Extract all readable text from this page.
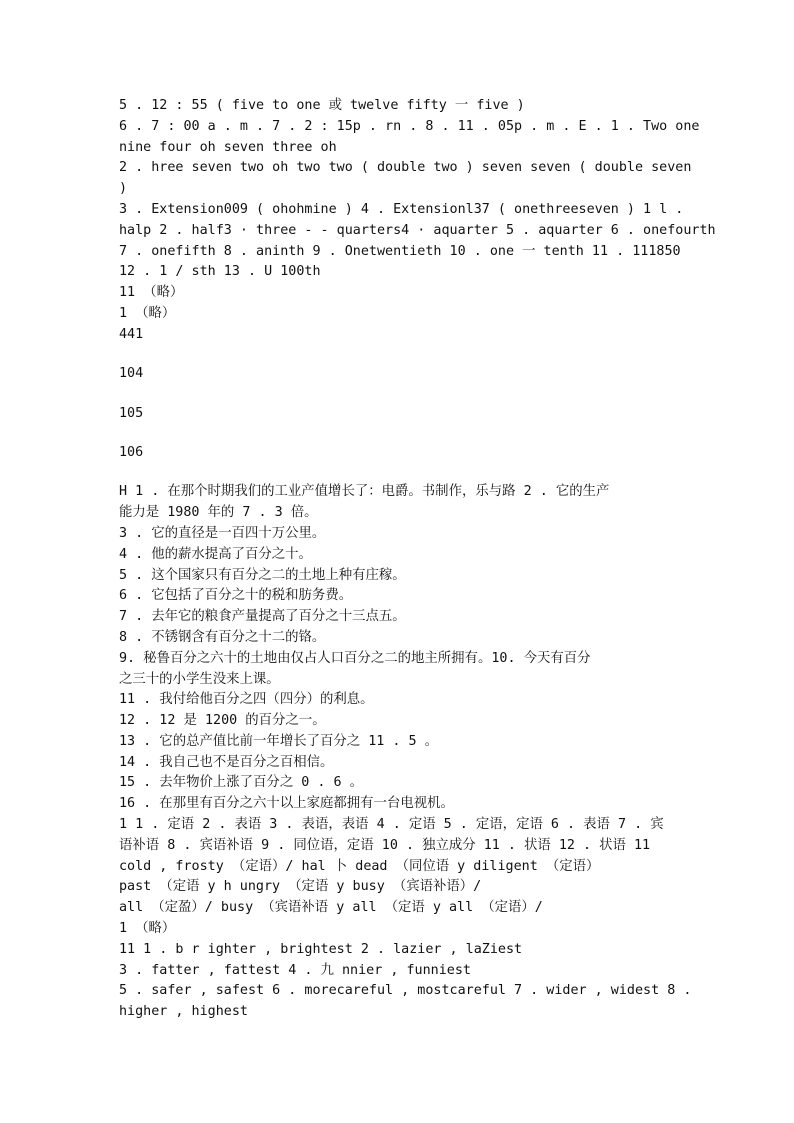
5 . 12 : 55 ( five to one 或 twelve fifty 一 five )
6 . 7 : 00 a . m . 7 . 2 : 15p . rn . 8 . 11 . 05p . m . E . 1 . Two one
nine four oh seven three oh
2 . hree seven two oh two two ( double two ) seven seven ( double seven
)
3 . Extension009 ( ohohmine ) 4 . Extensionl37 ( onethreeseven ) 1 l .
halp 2 . half3 · three - - quarters4 · aquarter 5 . aquarter 6 . onefourth
7 . onefifth 8 . aninth 9 . Onetwentieth 10 . one 一 tenth 11 . 111850
12 . 1 / sth 13 . U 100th
11 （略）
1 （略）
441
104
105
106
H 1 . 在那个时期我们的工业产值增长了：电爵。书制作，乐与路 2 . 它的生产
能力是 1980 年的 7 . 3 倍。
3 . 它的直径是一百四十万公里。
4 . 他的薪水提高了百分之十。
5 . 这个国家只有百分之二的土地上种有庄稼。
6 . 它包括了百分之十的税和肪务费。
7 . 去年它的粮食产量提高了百分之十三点五。
8 . 不锈钢含有百分之十二的铬。
9. 秘鲁百分之六十的土地由仅占人口百分之二的地主所拥有。10. 今天有百分
之三十的小学生没来上课。
11 . 我付给他百分之四（四分）的利息。
12 . 12 是 1200 的百分之一。
13 . 它的总产值比前一年增长了百分之 11 . 5 。
14 . 我自己也不是百分之百相信。
15 . 去年物价上涨了百分之 0 . 6 。
16 . 在那里有百分之六十以上家庭都拥有一台电视机。
1 1 . 定语 2 . 表语 3 . 表语，表语 4 . 定语 5 . 定语，定语 6 . 表语 7 . 宾
语补语 8 . 宾语补语 9 . 同位语，定语 10 . 独立成分 11 . 状语 12 . 状语 11
cold , frosty （定语）/ hal 卜 dead （同位语 y diligent （定语）
past （定语 y h ungry （定语 y busy （宾语补语）/
all （定盈）/ busy （宾语补语 y all （定语 y all （定语）/
1 （略）
11 1 . b r ighter , brightest 2 . lazier , laZiest
3 . fatter , fattest 4 . 九 nnier , funniest
5 . safer , safest 6 . morecareful , mostcareful 7 . wider , widest 8 .
higher , highest
